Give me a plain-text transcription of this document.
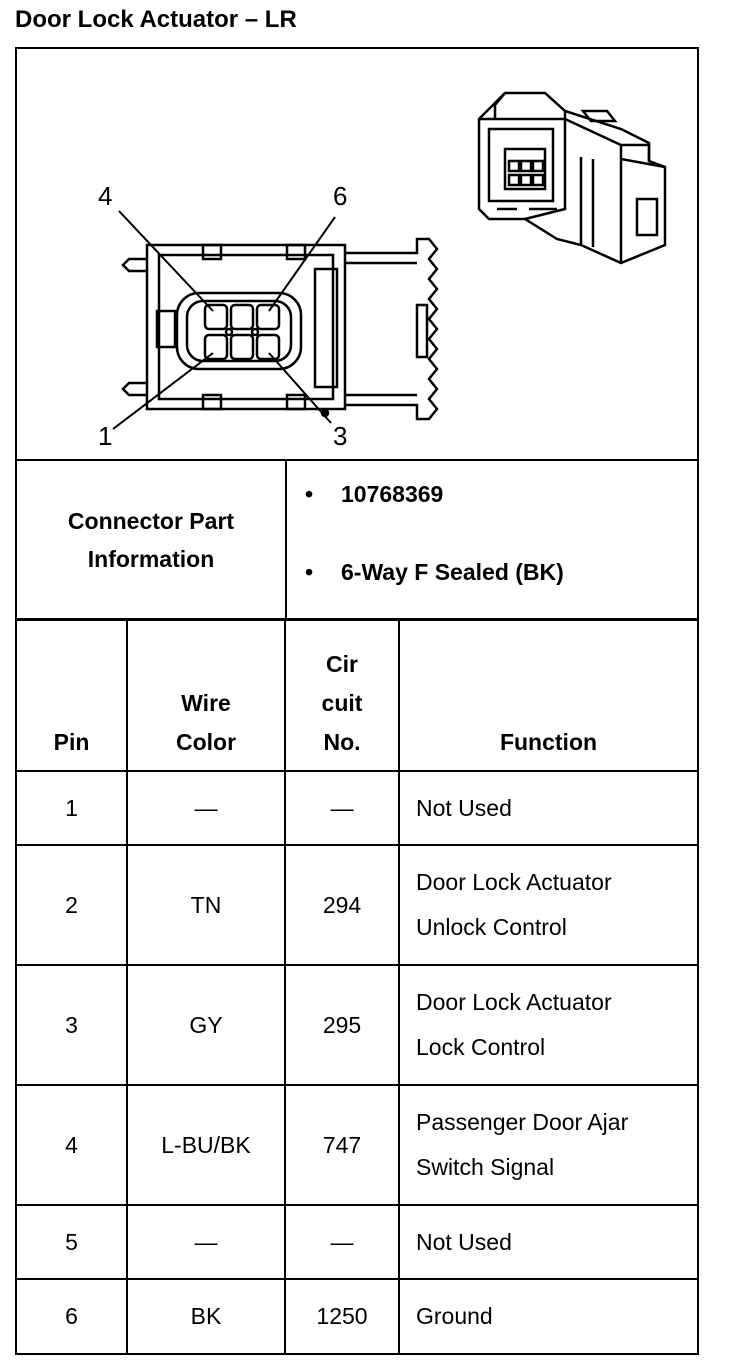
Door Lock Actuator – LR
4	6
1	3
Connector Part Information
• 10768369
• 6-Way F Sealed (BK)
Pin	Wire Color	Cir cuit No.	Function
1	—	—	Not Used
2	TN	294	Door Lock Actuator Unlock Control

3	GY	295	Door Lock Actuator Lock Control

4	L-BU/BK	747	Passenger Door Ajar Switch Signal

5	—	—	Not Used
6	BK	1250	Ground
